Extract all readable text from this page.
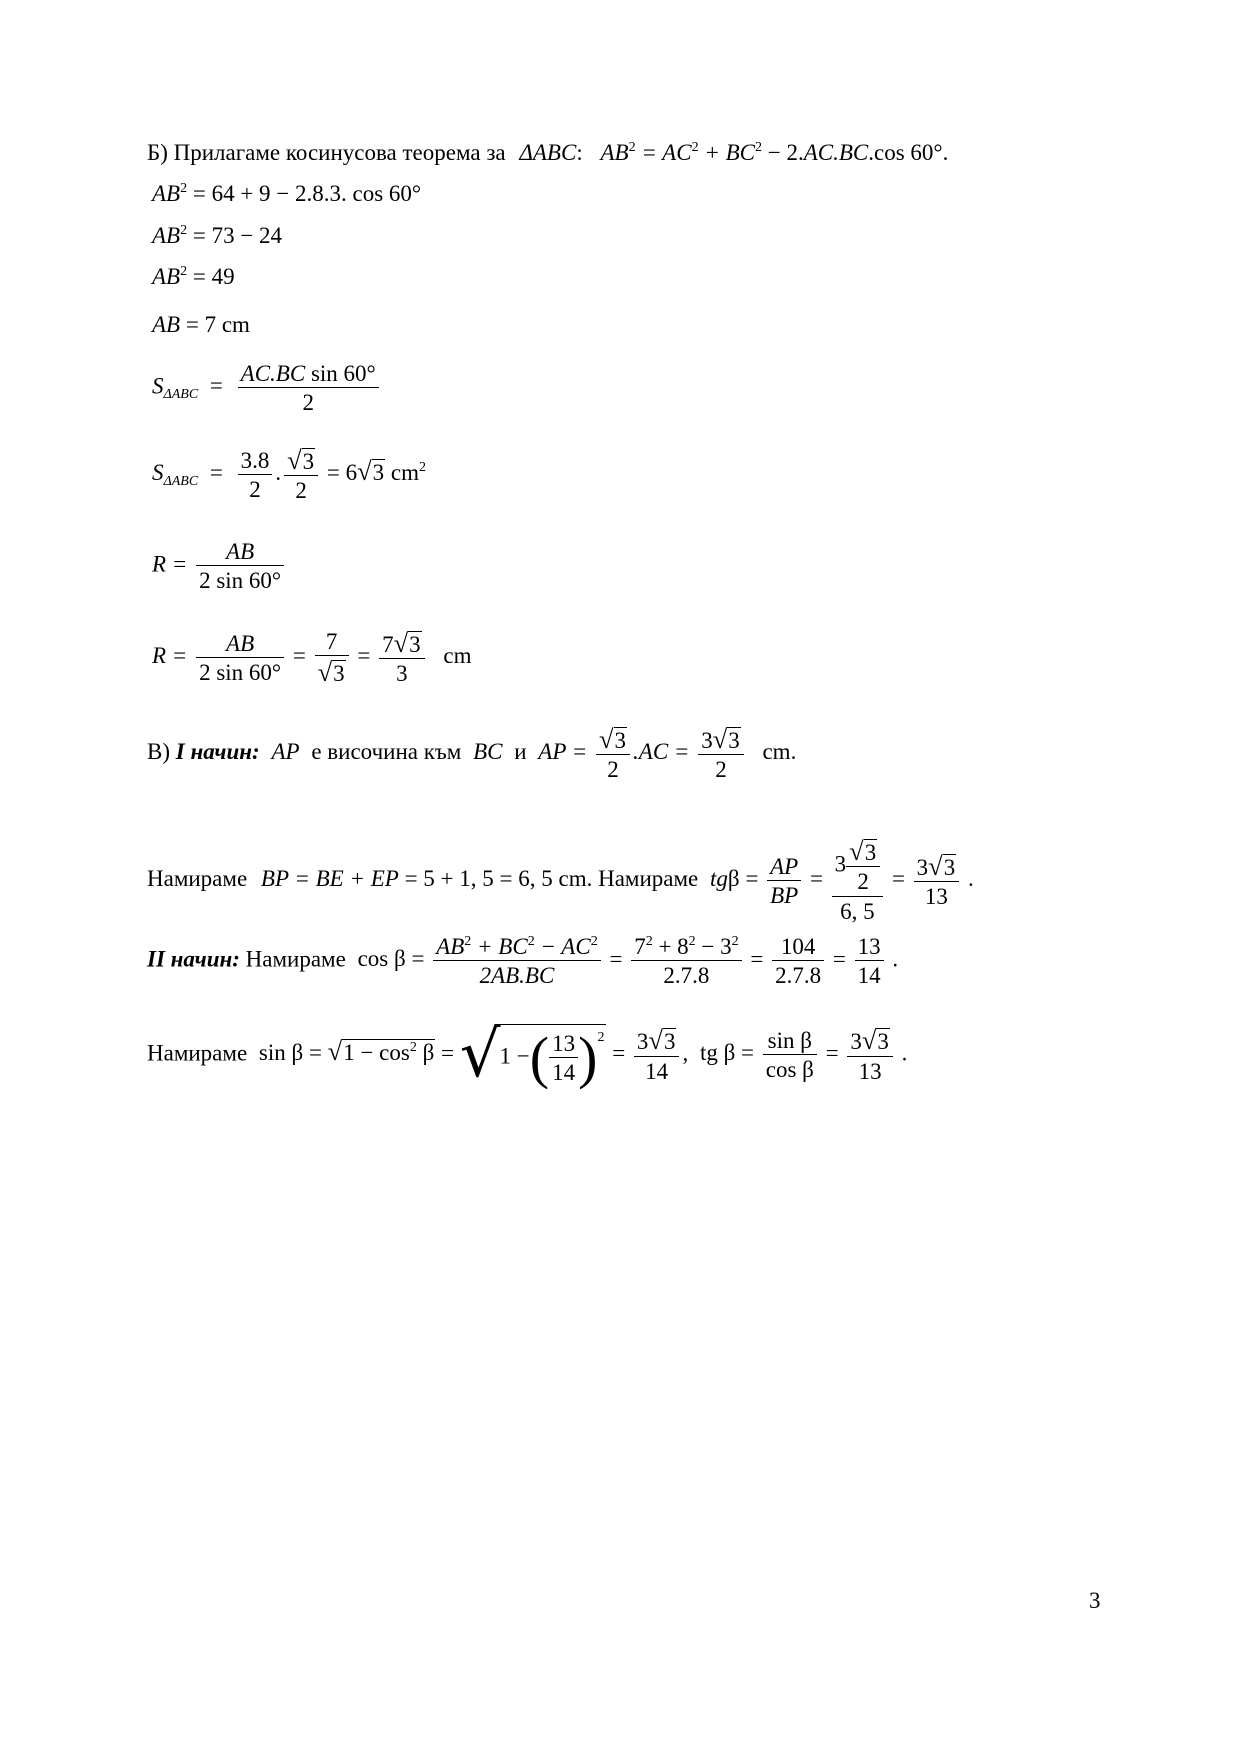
Б) Прилагаме косинусова теорема за ΔABC: $AB^2 = AC^2 + BC^2 - 2.AC.BC.\cos$ 60°.
$AB^2 = 64 + 9 - 2.8.3$. cos 60°
$AB^2 = 73 - 24$
$AB^2 = 49$
AB = 7 cm
$S_{\Delta ABC} = \frac{\text{AC.BC sin 60°}}{2}$
$S_{\Delta ABC} = \frac{3.8}{2}$ . $\frac{√3}{2} = 6√3$ $cm^2$
$R = \frac{AB}{2 \sin 60^\circ}$
$R = \frac{AB}{2 \sin 60^\circ} = \frac{7}{√3} = \frac{7√3}{3}$ cm
В) I начин: AP е височина към BC и AP = $\frac{√3}{2} .AC = \frac{3√3}{2}$ cm.
Намираме BP = BE + EP = 5 + 1, 5 = 6, 5 cm. Намираме $tg\beta = \frac{AP}{BP} = \frac{3 \frac{√3}{2}}{6, 5} = \frac{3√3}{13}$ .
II начин: Намираме $\cos \beta = \frac{AB^2 + BC^2 - AC^2}{2AB.BC} = \frac{7^2 + 8^2 - 3^2}{2.7.8} = \frac{104}{2.7.8} = \frac{13}{14}$ .
Намираме $\sin \beta = √1 - \cos^2 \beta = √1$ −( $\frac{13}{14} )^2 = \frac{3√3}{14}$ , tg $\beta = \frac{\text{sin β}}{\text{cos β}} = \frac{3√3}{13}$ .
3
